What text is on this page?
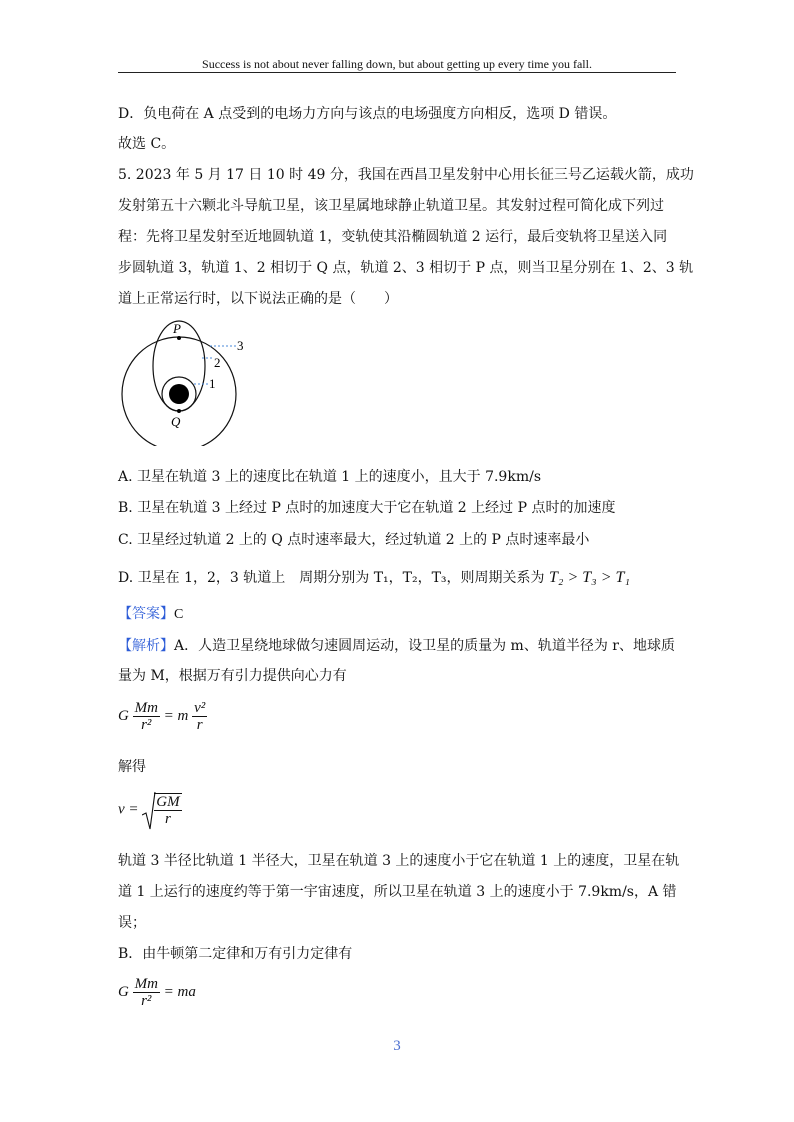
Success is not about never falling down, but about getting up every time you fall.
D．负电荷在 A 点受到的电场力方向与该点的电场强度方向相反，选项 D 错误。
故选 C。
5. 2023 年 5 月 17 日 10 时 49 分，我国在西昌卫星发射中心用长征三号乙运载火箭，成功
发射第五十六颗北斗导航卫星，该卫星属地球静止轨道卫星。其发射过程可简化成下列过
程：先将卫星发射至近地圆轨道 1，变轨使其沿椭圆轨道 2 运行，最后变轨将卫星送入同
步圆轨道 3，轨道 1、2 相切于 Q 点，轨道 2、3 相切于 P 点，则当卫星分别在 1、2、3 轨
道上正常运行时，以下说法正确的是（　　）
P
Q
3
2
1
A. 卫星在轨道 3 上的速度比在轨道 1 上的速度小，且大于 7.9km/s
B. 卫星在轨道 3 上经过 P 点时的加速度大于它在轨道 2 上经过 P 点时的加速度
C. 卫星经过轨道 2 上的 Q 点时速率最大，经过轨道 2 上的 P 点时速率最小
D. 卫星在 1，2，3 轨道上　周期分别为 T₁，T₂，T₃，则周期关系为 T₂ > T₃ > T₁
【答案】C
【解析】A．人造卫星绕地球做匀速圆周运动，设卫星的质量为 m、轨道半径为 r、地球质
量为 M，根据万有引力提供向心力有
G $\frac{Mm}{\text{r²}} = m \frac{\text{v²}}{r}$
解得
$v = \frac{GM}{r}$
轨道 3 半径比轨道 1 半径大，卫星在轨道 3 上的速度小于它在轨道 1 上的速度，卫星在轨
道 1 上运行的速度约等于第一宇宙速度，所以卫星在轨道 3 上的速度小于 7.9km/s，A 错
误；
B．由牛顿第二定律和万有引力定律有
G $\frac{Mm}{\text{r²}}$ = ma
3
